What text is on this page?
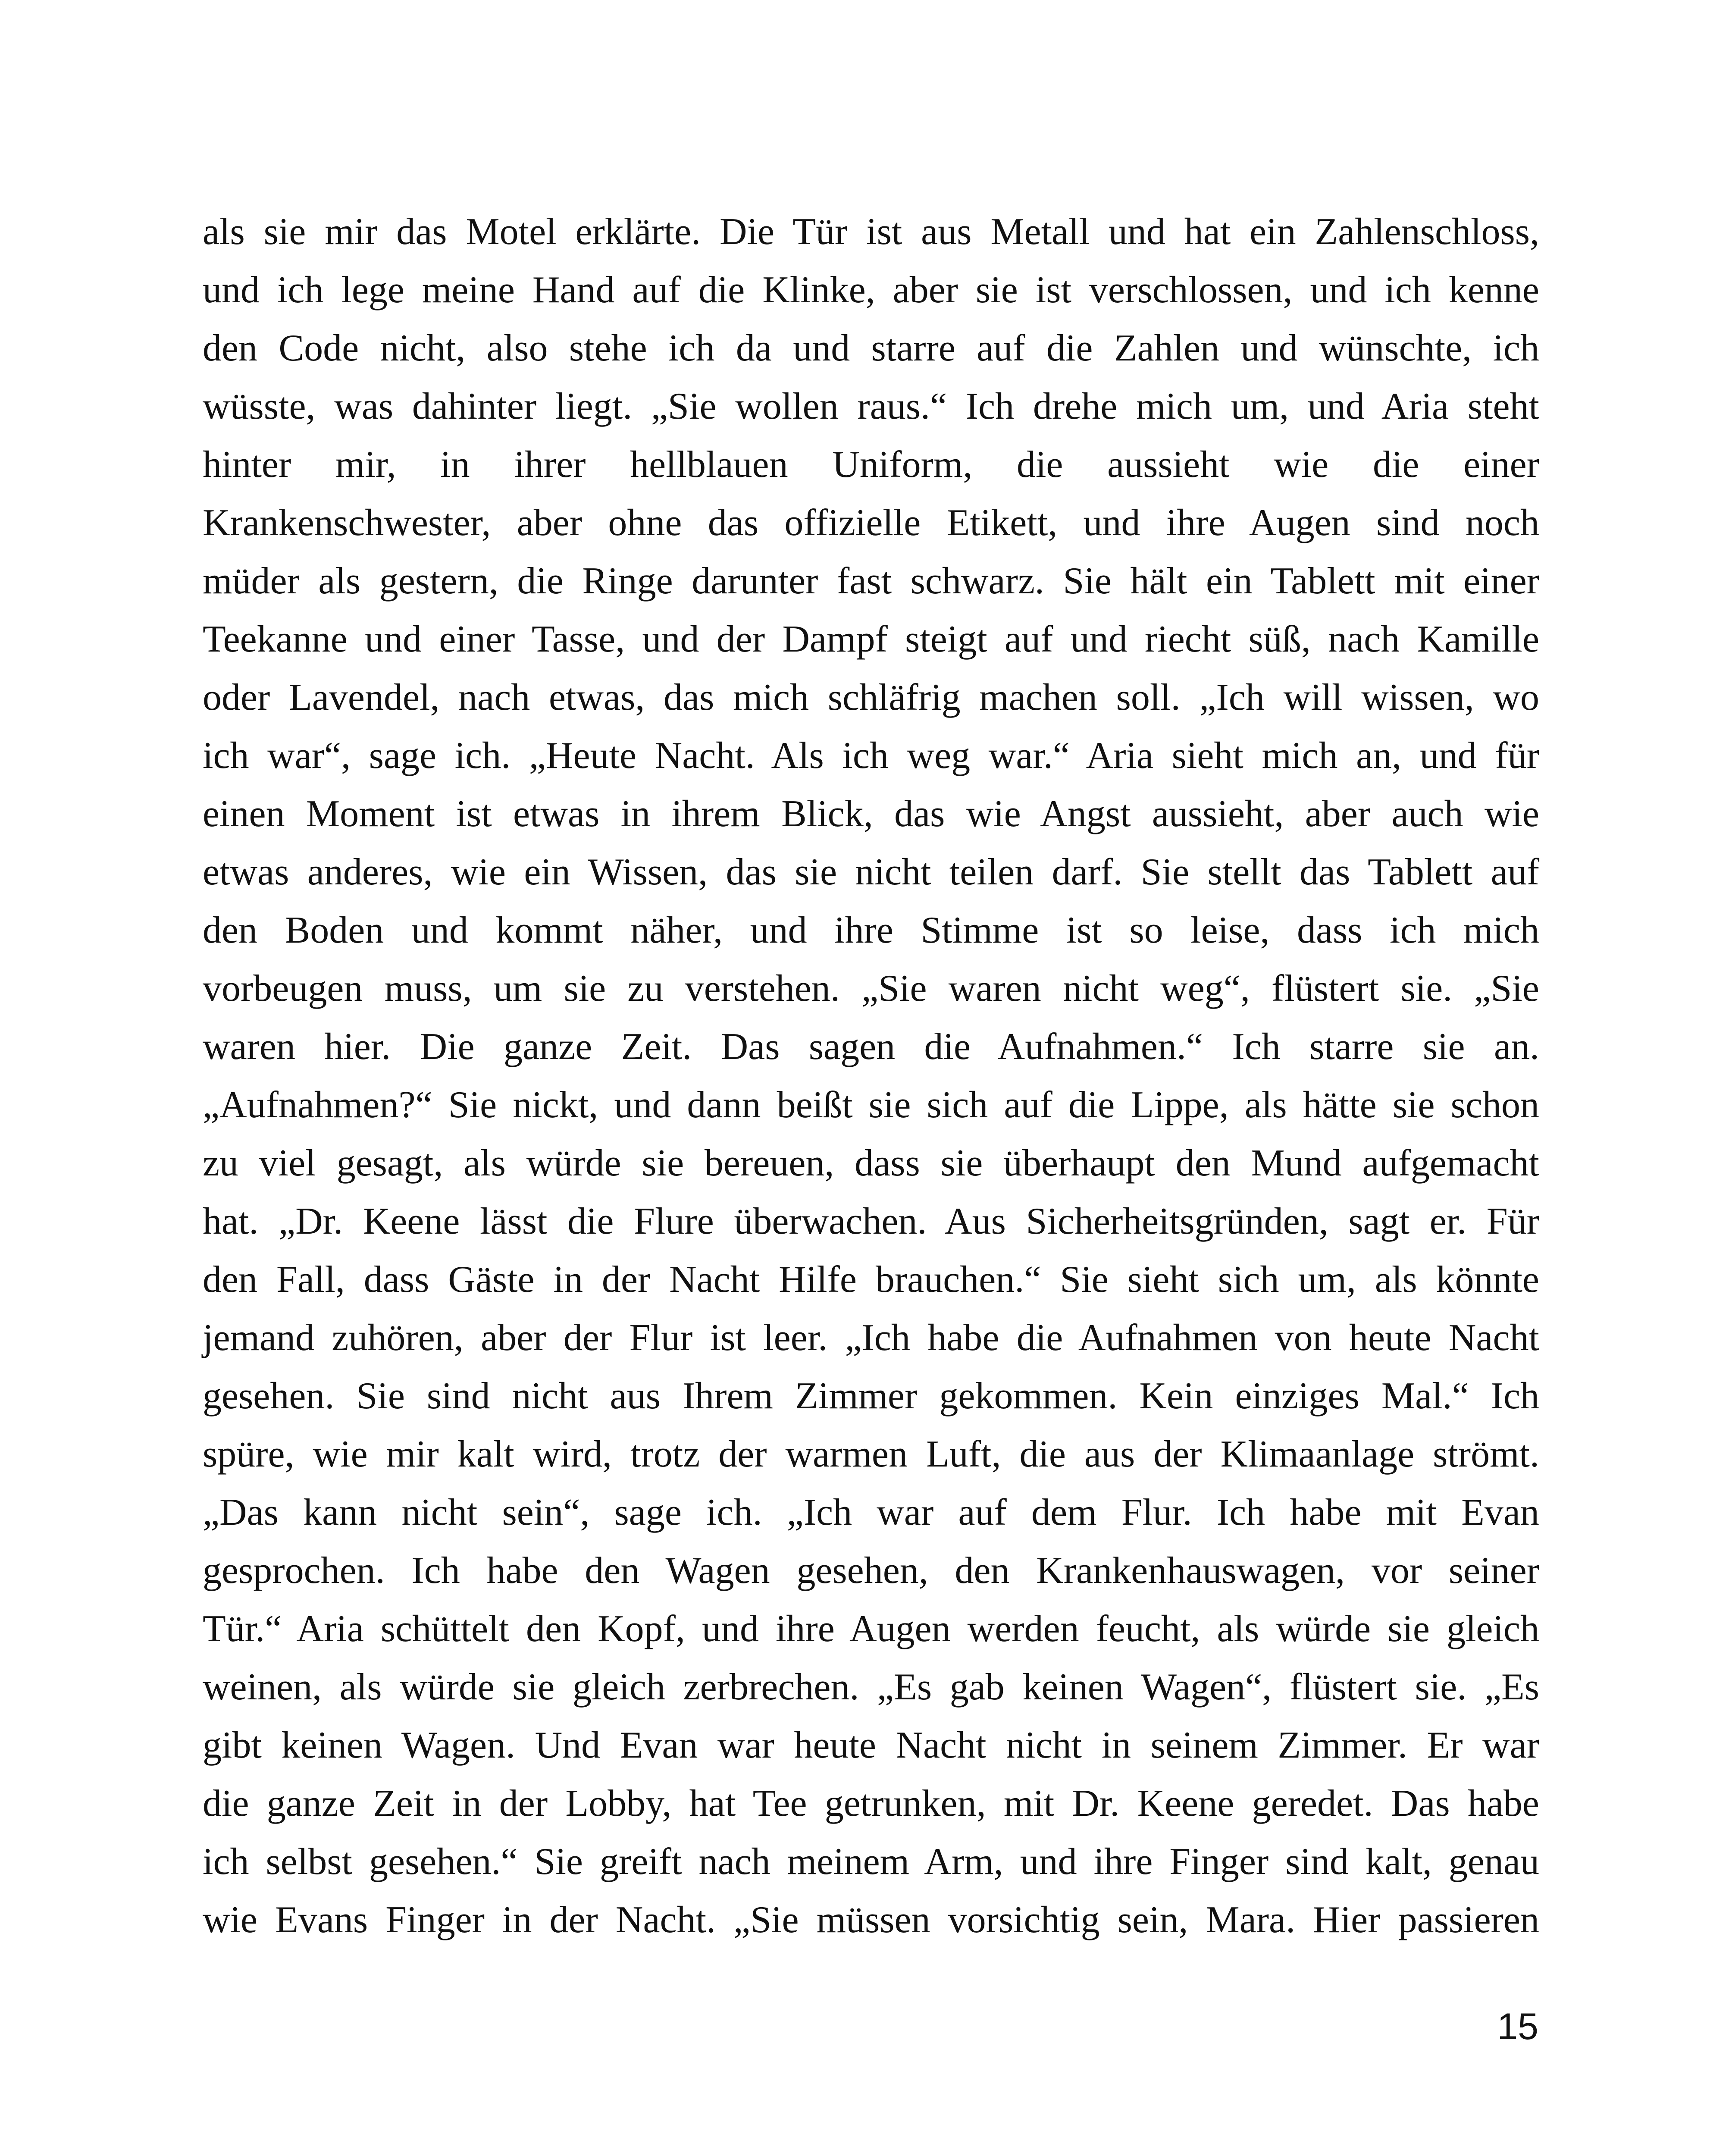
als sie mir das Motel erklärte. Die Tür ist aus Metall und hat ein Zahlenschloss,
und ich lege meine Hand auf die Klinke, aber sie ist verschlossen, und ich kenne
den Code nicht, also stehe ich da und starre auf die Zahlen und wünschte, ich
wüsste, was dahinter liegt. „Sie wollen raus.“ Ich drehe mich um, und Aria steht
hinter mir, in ihrer hellblauen Uniform, die aussieht wie die einer
Krankenschwester, aber ohne das offizielle Etikett, und ihre Augen sind noch
müder als gestern, die Ringe darunter fast schwarz. Sie hält ein Tablett mit einer
Teekanne und einer Tasse, und der Dampf steigt auf und riecht süß, nach Kamille
oder Lavendel, nach etwas, das mich schläfrig machen soll. „Ich will wissen, wo
ich war“, sage ich. „Heute Nacht. Als ich weg war.“ Aria sieht mich an, und für
einen Moment ist etwas in ihrem Blick, das wie Angst aussieht, aber auch wie
etwas anderes, wie ein Wissen, das sie nicht teilen darf. Sie stellt das Tablett auf
den Boden und kommt näher, und ihre Stimme ist so leise, dass ich mich
vorbeugen muss, um sie zu verstehen. „Sie waren nicht weg“, flüstert sie. „Sie
waren hier. Die ganze Zeit. Das sagen die Aufnahmen.“ Ich starre sie an.
„Aufnahmen?“ Sie nickt, und dann beißt sie sich auf die Lippe, als hätte sie schon
zu viel gesagt, als würde sie bereuen, dass sie überhaupt den Mund aufgemacht
hat. „Dr. Keene lässt die Flure überwachen. Aus Sicherheitsgründen, sagt er. Für
den Fall, dass Gäste in der Nacht Hilfe brauchen.“ Sie sieht sich um, als könnte
jemand zuhören, aber der Flur ist leer. „Ich habe die Aufnahmen von heute Nacht
gesehen. Sie sind nicht aus Ihrem Zimmer gekommen. Kein einziges Mal.“ Ich
spüre, wie mir kalt wird, trotz der warmen Luft, die aus der Klimaanlage strömt.
„Das kann nicht sein“, sage ich. „Ich war auf dem Flur. Ich habe mit Evan
gesprochen. Ich habe den Wagen gesehen, den Krankenhauswagen, vor seiner
Tür.“ Aria schüttelt den Kopf, und ihre Augen werden feucht, als würde sie gleich
weinen, als würde sie gleich zerbrechen. „Es gab keinen Wagen“, flüstert sie. „Es
gibt keinen Wagen. Und Evan war heute Nacht nicht in seinem Zimmer. Er war
die ganze Zeit in der Lobby, hat Tee getrunken, mit Dr. Keene geredet. Das habe
ich selbst gesehen.“ Sie greift nach meinem Arm, und ihre Finger sind kalt, genau
wie Evans Finger in der Nacht. „Sie müssen vorsichtig sein, Mara. Hier passieren

15
